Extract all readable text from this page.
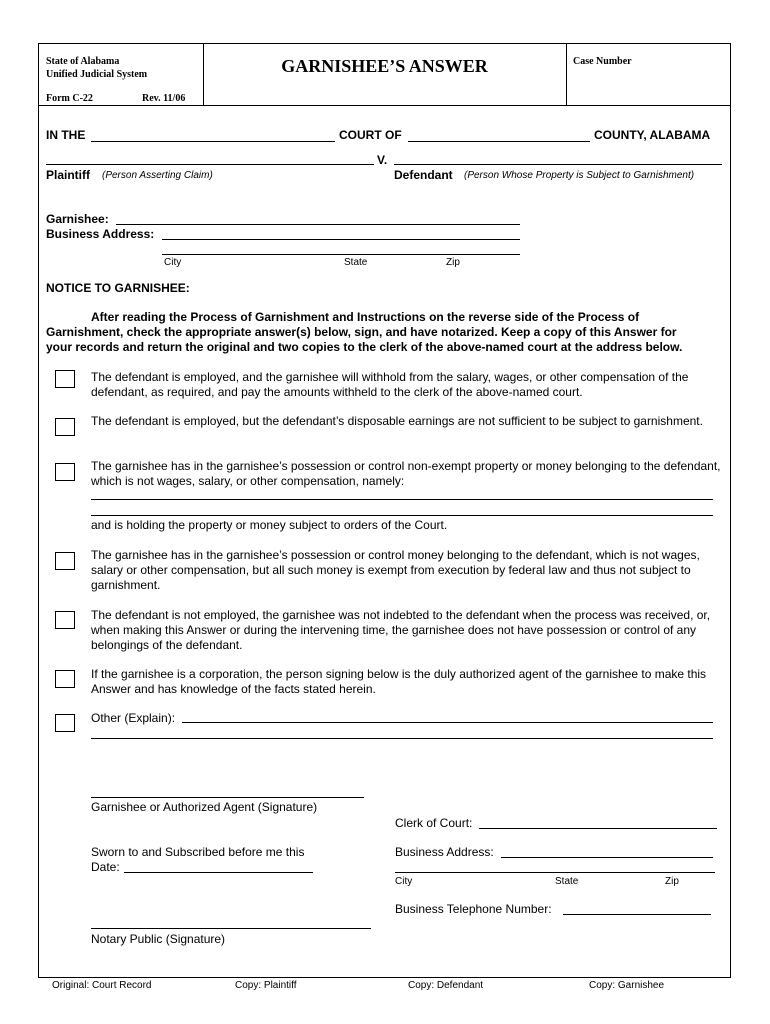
State of Alabama
Unified Judicial System
Form C-22	Rev. 11/06
GARNISHEE’S ANSWER	Case Number
IN THE	COURT OF	COUNTY, ALABAMA
V.
Plaintiff (Person Asserting Claim)	Defendant (Person Whose Property is Subject to Garnishment)
Garnishee:
Business Address:
City	State	Zip
NOTICE TO GARNISHEE:
After reading the Process of Garnishment and Instructions on the reverse side of the Process of
Garnishment, check the appropriate answer(s) below, sign, and have notarized. Keep a copy of this Answer for
your records and return the original and two copies to the clerk of the above-named court at the address below.
The defendant is employed, and the garnishee will withhold from the salary, wages, or other compensation of the defendant, as required, and pay the amounts withheld to the clerk of the above-named court.
The defendant is employed, but the defendant’s disposable earnings are not sufficient to be subject to garnishment.
The garnishee has in the garnishee’s possession or control non-exempt property or money belonging to the defendant, which is not wages, salary, or other compensation, namely:
and is holding the property or money subject to orders of the Court.
The garnishee has in the garnishee’s possession or control money belonging to the defendant, which is not wages, salary or other compensation, but all such money is exempt from execution by federal law and thus not subject to garnishment.
The defendant is not employed, the garnishee was not indebted to the defendant when the process was received, or, when making this Answer or during the intervening time, the garnishee does not have possession or control of any belongings of the defendant.
If the garnishee is a corporation, the person signing below is the duly authorized agent of the garnishee to make this Answer and has knowledge of the facts stated herein.
Other (Explain):
Garnishee or Authorized Agent (Signature)
Clerk of Court:
Sworn to and Subscribed before me this
Date:
Business Address:
City	State	Zip
Business Telephone Number:
Notary Public (Signature)
Original: Court Record	Copy: Plaintiff	Copy: Defendant	Copy: Garnishee
